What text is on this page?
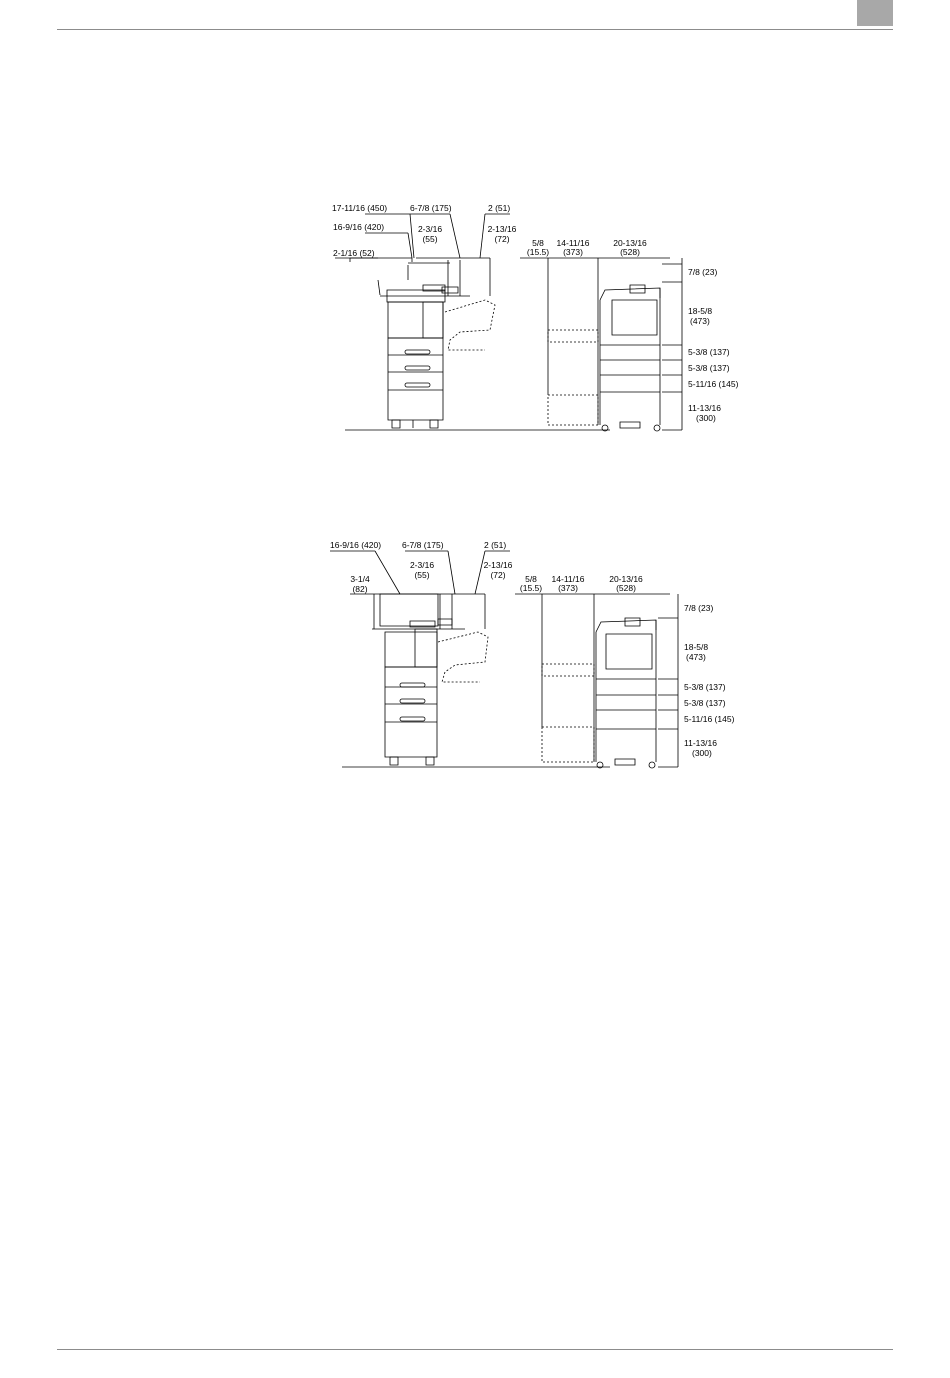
17-11/16 (450)
16-9/16 (420)
2-1/16 (52)
6-7/8 (175)
2-3/16
(55)
2 (51)
2-13/16
(72)	5/8
(15.5)
14-11/16
(373)
20-13/16
(528)
7/8 (23)
18-5/8
(473)
5-3/8 (137)
5-3/8 (137)
5-11/16 (145)
11-13/16
(300)
16-9/16 (420)
3-1/4
(82)
6-7/8 (175)
2-3/16
(55)
2 (51)
2-13/16
(72) 5/8
(15.5)
14-11/16
(373)
20-13/16
(528)
7/8 (23)
18-5/8
(473)
5-3/8 (137)
5-3/8 (137)
5-11/16 (145)
11-13/16
(300)
